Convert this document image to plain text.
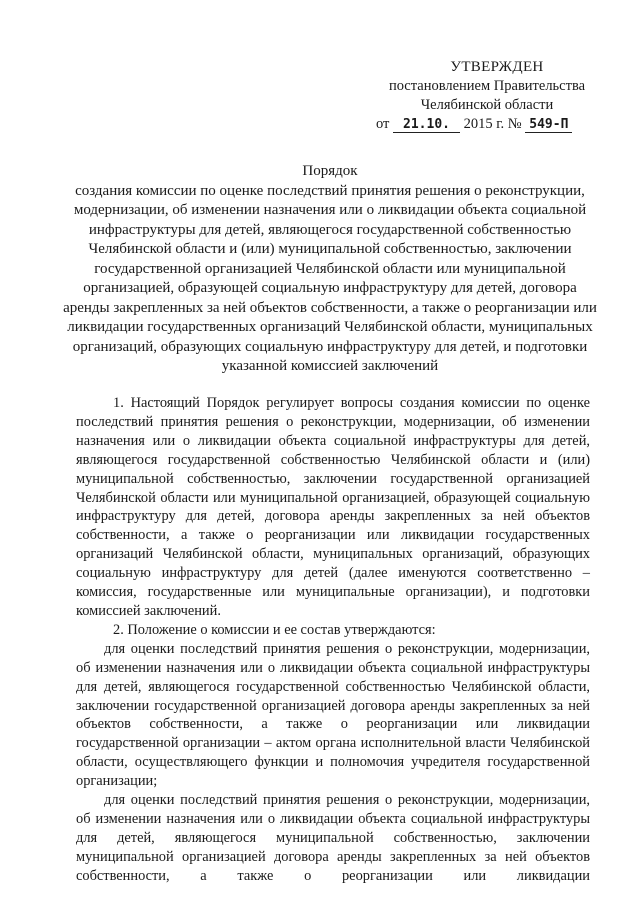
УТВЕРЖДЕН
постановлением Правительства
Челябинской области
от 21.10. 2015 г. № 549-П
Порядок
создания комиссии по оценке последствий принятия решения о реконструкции, модернизации, об изменении назначения или о ликвидации объекта социальной инфраструктуры для детей, являющегося государственной собственностью Челябинской области и (или) муниципальной собственностью, заключении государственной организацией Челябинской области или муниципальной организацией, образующей социальную инфраструктуру для детей, договора аренды закрепленных за ней объектов собственности, а также о реорганизации или ликвидации государственных организаций Челябинской области, муниципальных организаций, образующих социальную инфраструктуру для детей, и подготовки указанной комиссией заключений

1. Настоящий Порядок регулирует вопросы создания комиссии по оценке последствий принятия решения о реконструкции, модернизации, об изменении назначения или о ликвидации объекта социальной инфраструктуры для детей, являющегося государственной собственностью Челябинской области и (или) муниципальной собственностью, заключении государственной организацией Челябинской области или муниципальной организацией, образующей социальную инфраструктуру для детей, договора аренды закрепленных за ней объектов собственности, а также о реорганизации или ликвидации государственных организаций Челябинской области, муниципальных организаций, образующих социальную инфраструктуру для детей (далее именуются соответственно – комиссия, государственные или муниципальные организации), и подготовки комиссией заключений.

2. Положение о комиссии и ее состав утверждаются:

для оценки последствий принятия решения о реконструкции, модернизации, об изменении назначения или о ликвидации объекта социальной инфраструктуры для детей, являющегося государственной собственностью Челябинской области, заключении государственной организацией договора аренды закрепленных за ней объектов собственности, а также о реорганизации или ликвидации государственной организации – актом органа исполнительной власти Челябинской области, осуществляющего функции и полномочия учредителя государственной организации;

для оценки последствий принятия решения о реконструкции, модернизации, об изменении назначения или о ликвидации объекта социальной инфраструктуры для детей, являющегося муниципальной собственностью, заключении муниципальной организацией договора аренды закрепленных за ней объектов собственности, а также о реорганизации или ликвидации
